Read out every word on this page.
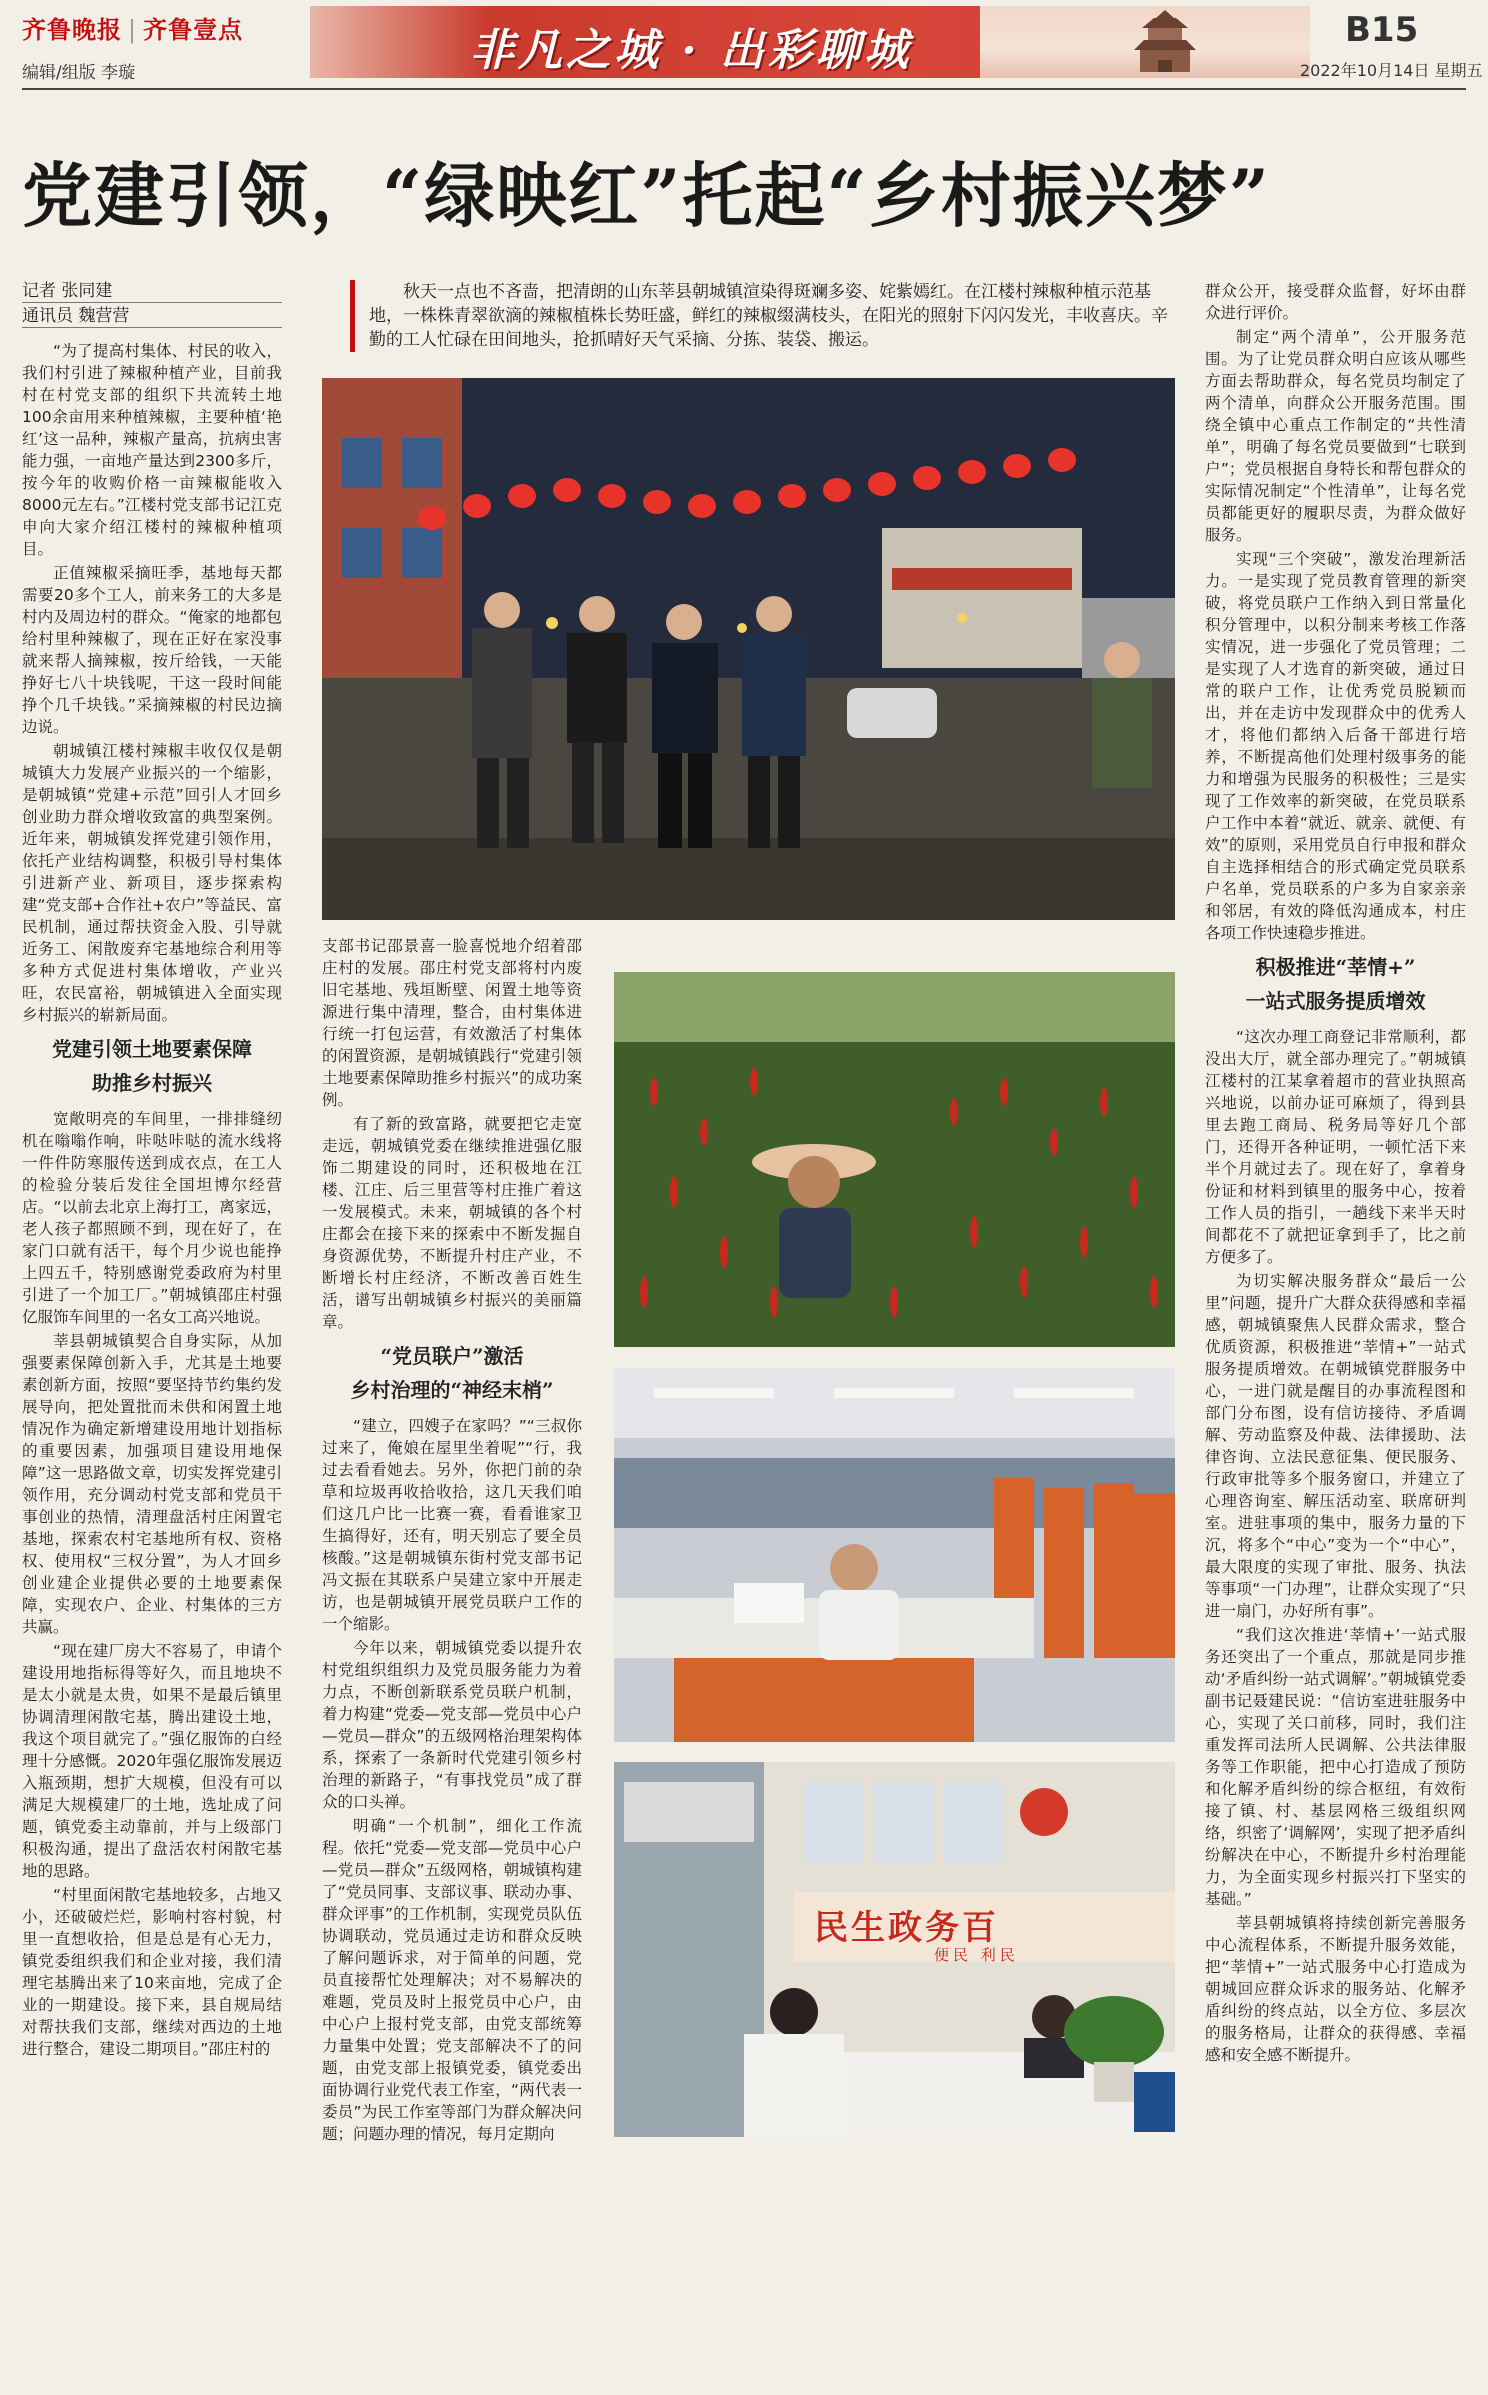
齐鲁晚报 | 齐鲁壹点
编辑/组版 李璇	非凡之城 · 出彩聊城	B15
2022年10月14日 星期五
党建引领，“绿映红”托起“乡村振兴梦”
记者 张同建
通讯员 魏营营

秋天一点也不吝啬，把清朗的山东莘县朝城镇渲染得斑斓多姿、姹紫嫣红。在江楼村辣椒种植示范基地，一株株青翠欲滴的辣椒植株长势旺盛，鲜红的辣椒缀满枝头，在阳光的照射下闪闪发光，丰收喜庆。辛勤的工人忙碌在田间地头，抢抓晴好天气采摘、分拣、装袋、搬运。

“为了提高村集体、村民的收入，我们村引进了辣椒种植产业，目前我村在村党支部的组织下共流转土地100余亩用来种植辣椒，主要种植‘艳红’这一品种，辣椒产量高，抗病虫害能力强，一亩地产量达到2300多斤，按今年的收购价格一亩辣椒能收入8000元左右。”江楼村党支部书记江克申向大家介绍江楼村的辣椒种植项目。

正值辣椒采摘旺季，基地每天都需要20多个工人，前来务工的大多是村内及周边村的群众。“俺家的地都包给村里种辣椒了，现在正好在家没事就来帮人摘辣椒，按斤给钱，一天能挣好七八十块钱呢，干这一段时间能挣个几千块钱。”采摘辣椒的村民边摘边说。

朝城镇江楼村辣椒丰收仅仅是朝城镇大力发展产业振兴的一个缩影，是朝城镇“党建+示范”回引人才回乡创业助力群众增收致富的典型案例。近年来，朝城镇发挥党建引领作用，依托产业结构调整，积极引导村集体引进新产业、新项目，逐步探索构建“党支部+合作社+农户”等益民、富民机制，通过帮扶资金入股、引导就近务工、闲散废弃宅基地综合利用等多种方式促进村集体增收，产业兴旺，农民富裕，朝城镇进入全面实现乡村振兴的崭新局面。

党建引领土地要素保障
助推乡村振兴

宽敞明亮的车间里，一排排缝纫机在嗡嗡作响，咔哒咔哒的流水线将一件件防寒服传送到成衣点，在工人的检验分装后发往全国坦博尔经营店。“以前去北京上海打工，离家远，老人孩子都照顾不到，现在好了，在家门口就有活干，每个月少说也能挣上四五千，特别感谢党委政府为村里引进了一个加工厂。”朝城镇邵庄村强亿服饰车间里的一名女工高兴地说。

莘县朝城镇契合自身实际，从加强要素保障创新入手，尤其是土地要素创新方面，按照“要坚持节约集约发展导向，把处置批而未供和闲置土地情况作为确定新增建设用地计划指标的重要因素，加强项目建设用地保障”这一思路做文章，切实发挥党建引领作用，充分调动村党支部和党员干事创业的热情，清理盘活村庄闲置宅基地，探索农村宅基地所有权、资格权、使用权“三权分置”，为人才回乡创业建企业提供必要的土地要素保障，实现农户、企业、村集体的三方共赢。

“现在建厂房大不容易了，申请个建设用地指标得等好久，而且地块不是太小就是太贵，如果不是最后镇里协调清理闲散宅基，腾出建设土地，我这个项目就完了。”强亿服饰的白经理十分感慨。2020年强亿服饰发展迈入瓶颈期，想扩大规模，但没有可以满足大规模建厂的土地，选址成了问题，镇党委主动靠前，并与上级部门积极沟通，提出了盘活农村闲散宅基地的思路。

“村里面闲散宅基地较多，占地又小，还破破烂烂，影响村容村貌，村里一直想收拾，但是总是有心无力，镇党委组织我们和企业对接，我们清理宅基腾出来了10来亩地，完成了企业的一期建设。接下来，县自规局结对帮扶我们支部，继续对西边的土地进行整合，建设二期项目。”邵庄村的

支部书记邵景喜一脸喜悦地介绍着邵庄村的发展。邵庄村党支部将村内废旧宅基地、残垣断壁、闲置土地等资源进行集中清理，整合，由村集体进行统一打包运营，有效激活了村集体的闲置资源，是朝城镇践行“党建引领土地要素保障助推乡村振兴”的成功案例。

有了新的致富路，就要把它走宽走远，朝城镇党委在继续推进强亿服饰二期建设的同时，还积极地在江楼、江庄、后三里营等村庄推广着这一发展模式。未来，朝城镇的各个村庄都会在接下来的探索中不断发掘自身资源优势，不断提升村庄产业，不断增长村庄经济，不断改善百姓生活，谱写出朝城镇乡村振兴的美丽篇章。

“党员联户”激活
乡村治理的“神经末梢”

“建立，四嫂子在家吗？”“三叔你过来了，俺娘在屋里坐着呢”“行，我过去看看她去。另外，你把门前的杂草和垃圾再收拾收拾，这几天我们咱们这几户比一比赛一赛，看看谁家卫生搞得好，还有，明天别忘了要全员核酸。”这是朝城镇东街村党支部书记冯文振在其联系户吴建立家中开展走访，也是朝城镇开展党员联户工作的一个缩影。

今年以来，朝城镇党委以提升农村党组织组织力及党员服务能力为着力点，不断创新联系党员联户机制，着力构建“党委—党支部—党员中心户—党员—群众”的五级网格治理架构体系，探索了一条新时代党建引领乡村治理的新路子，“有事找党员”成了群众的口头禅。

明确“一个机制”，细化工作流程。依托“党委—党支部—党员中心户—党员—群众”五级网格，朝城镇构建了“党员同事、支部议事、联动办事、群众评事”的工作机制，实现党员队伍协调联动，党员通过走访和群众反映了解问题诉求，对于简单的问题，党员直接帮忙处理解决；对不易解决的难题，党员及时上报党员中心户，由中心户上报村党支部，由党支部统筹力量集中处置；党支部解决不了的问题，由党支部上报镇党委，镇党委出面协调行业党代表工作室，“两代表一委员”为民工作室等部门为群众解决问题；问题办理的情况，每月定期向

民生政务百
便民 利民

群众公开，接受群众监督，好坏由群众进行评价。

制定“两个清单”，公开服务范围。为了让党员群众明白应该从哪些方面去帮助群众，每名党员均制定了两个清单，向群众公开服务范围。围绕全镇中心重点工作制定的“共性清单”，明确了每名党员要做到“七联到户”；党员根据自身特长和帮包群众的实际情况制定“个性清单”，让每名党员都能更好的履职尽责，为群众做好服务。

实现“三个突破”，激发治理新活力。一是实现了党员教育管理的新突破，将党员联户工作纳入到日常量化积分管理中，以积分制来考核工作落实情况，进一步强化了党员管理；二是实现了人才选育的新突破，通过日常的联户工作，让优秀党员脱颖而出，并在走访中发现群众中的优秀人才，将他们都纳入后备干部进行培养，不断提高他们处理村级事务的能力和增强为民服务的积极性；三是实现了工作效率的新突破，在党员联系户工作中本着“就近、就亲、就便、有效”的原则，采用党员自行申报和群众自主选择相结合的形式确定党员联系户名单，党员联系的户多为自家亲亲和邻居，有效的降低沟通成本，村庄各项工作快速稳步推进。

积极推进“莘情+”
一站式服务提质增效

“这次办理工商登记非常顺利，都没出大厅，就全部办理完了。”朝城镇江楼村的江某拿着超市的营业执照高兴地说，以前办证可麻烦了，得到县里去跑工商局、税务局等好几个部门，还得开各种证明，一顿忙活下来半个月就过去了。现在好了，拿着身份证和材料到镇里的服务中心，按着工作人员的指引，一趟线下来半天时间都花不了就把证拿到手了，比之前方便多了。

为切实解决服务群众“最后一公里”问题，提升广大群众获得感和幸福感，朝城镇聚焦人民群众需求，整合优质资源，积极推进“莘情+”一站式服务提质增效。在朝城镇党群服务中心，一进门就是醒目的办事流程图和部门分布图，设有信访接待、矛盾调解、劳动监察及仲裁、法律援助、法律咨询、立法民意征集、便民服务、行政审批等多个服务窗口，并建立了心理咨询室、解压活动室、联席研判室。进驻事项的集中，服务力量的下沉，将多个“中心”变为一个“中心”，最大限度的实现了审批、服务、执法等事项“一门办理”，让群众实现了“只进一扇门，办好所有事”。

“我们这次推进‘莘情+’一站式服务还突出了一个重点，那就是同步推动‘矛盾纠纷一站式调解’。”朝城镇党委副书记聂建民说：“信访室进驻服务中心，实现了关口前移，同时，我们注重发挥司法所人民调解、公共法律服务等工作职能，把中心打造成了预防和化解矛盾纠纷的综合枢纽，有效衔接了镇、村、基层网格三级组织网络，织密了‘调解网’，实现了把矛盾纠纷解决在中心，不断提升乡村治理能力，为全面实现乡村振兴打下坚实的基础。”

莘县朝城镇将持续创新完善服务中心流程体系，不断提升服务效能，把“莘情+”一站式服务中心打造成为朝城回应群众诉求的服务站、化解矛盾纠纷的终点站，以全方位、多层次的服务格局，让群众的获得感、幸福感和安全感不断提升。
